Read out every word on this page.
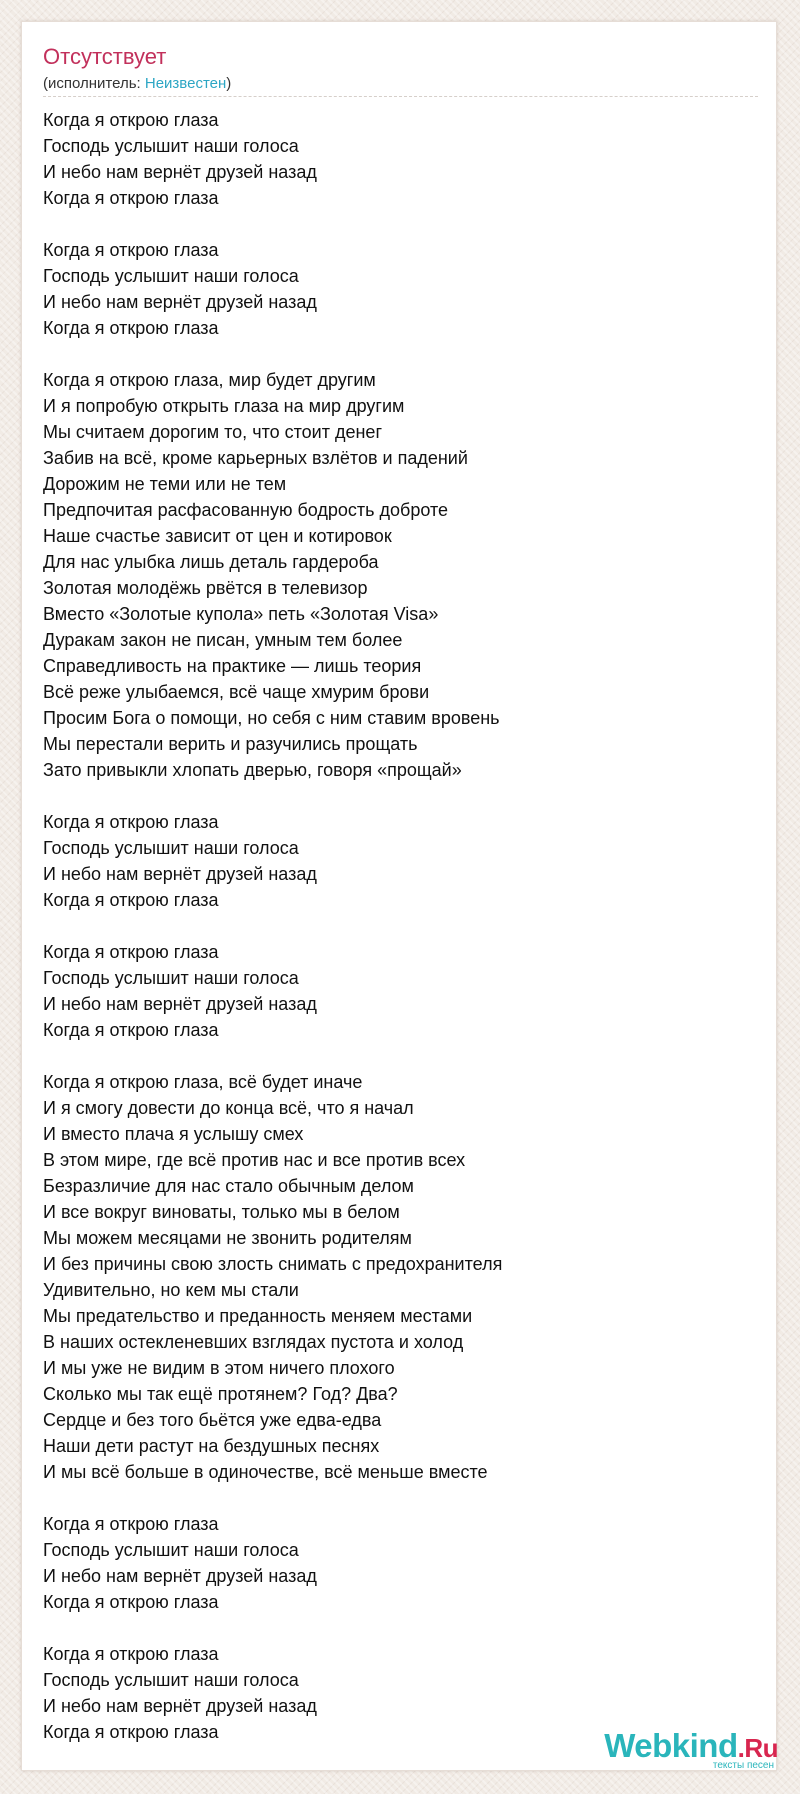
Отсутствует
(исполнитель: Неизвестен)
Когда я открою глаза
Господь услышит наши голоса
И небо нам вернёт друзей назад
Когда я открою глаза
Когда я открою глаза
Господь услышит наши голоса
И небо нам вернёт друзей назад
Когда я открою глаза
Когда я открою глаза, мир будет другим
И я попробую открыть глаза на мир другим
Мы считаем дорогим то, что стоит денег
Забив на всё, кроме карьерных взлётов и падений
Дорожим не теми или не тем
Предпочитая расфасованную бодрость доброте
Наше счастье зависит от цен и котировок
Для нас улыбка лишь деталь гардероба
Золотая молодёжь рвётся в телевизор
Вместо «Золотые купола» петь «Золотая Visa»
Дуракам закон не писан, умным тем более
Справедливость на практике — лишь теория
Всё реже улыбаемся, всё чаще хмурим брови
Просим Бога о помощи, но себя с ним ставим вровень
Мы перестали верить и разучились прощать
Зато привыкли хлопать дверью, говоря «прощай»
Когда я открою глаза
Господь услышит наши голоса
И небо нам вернёт друзей назад
Когда я открою глаза
Когда я открою глаза
Господь услышит наши голоса
И небо нам вернёт друзей назад
Когда я открою глаза
Когда я открою глаза, всё будет иначе
И я смогу довести до конца всё, что я начал
И вместо плача я услышу смех
В этом мире, где всё против нас и все против всех
Безразличие для нас стало обычным делом
И все вокруг виноваты, только мы в белом
Мы можем месяцами не звонить родителям
И без причины свою злость снимать с предохранителя
Удивительно, но кем мы стали
Мы предательство и преданность меняем местами
В наших остекленевших взглядах пустота и холод
И мы уже не видим в этом ничего плохого
Сколько мы так ещё протянем? Год? Два?
Сердце и без того бьётся уже едва-едва
Наши дети растут на бездушных песнях
И мы всё больше в одиночестве, всё меньше вместе
Когда я открою глаза
Господь услышит наши голоса
И небо нам вернёт друзей назад
Когда я открою глаза
Когда я открою глаза
Господь услышит наши голоса
И небо нам вернёт друзей назад
Когда я открою глаза	Webkind.Ru
тексты песен
